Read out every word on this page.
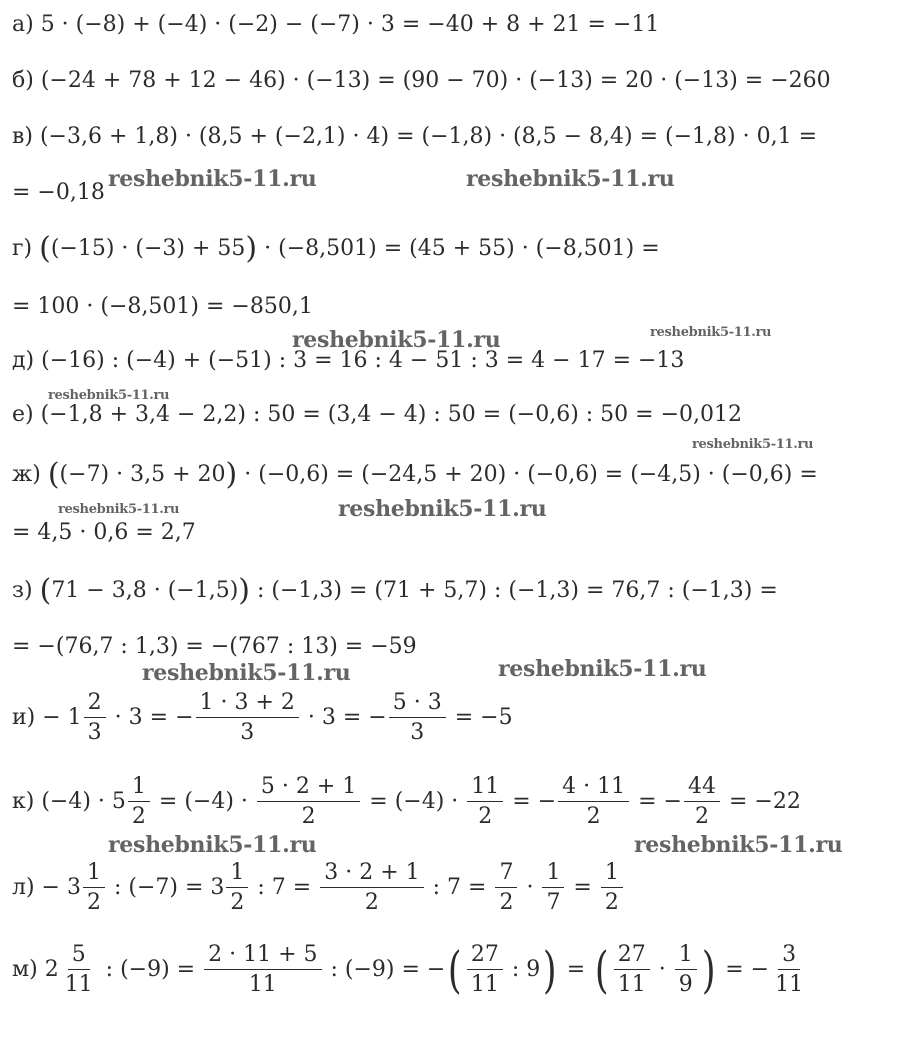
а) 5 · (−8) + (−4) · (−2) − (−7) · 3 = −40 + 8 + 21 = −11
б) (−24 + 78 + 12 − 46) · (−13) = (90 − 70) · (−13) = 20 · (−13) = −260
в) (−3,6 + 1,8) · (8,5 + (−2,1) · 4) = (−1,8) · (8,5 − 8,4) = (−1,8) · 0,1 =
= −0,18
г)
( (−15) · (−3) + 55 ) · (−8,501) = (45 + 55) · (−8,501) =
= 100 · (−8,501) = −850,1
д) (−16) : (−4) + (−51) : 3 = 16 : 4 − 51 : 3 = 4 − 17 = −13
е) (−1,8 + 3,4 − 2,2) : 50 = (3,4 − 4) : 50 = (−0,6) : 50 = −0,012
ж)
( (−7) · 3,5 + 20 ) · (−0,6) = (−24,5 + 20) · (−0,6) = (−4,5) · (−0,6) =
= 4,5 · 0,6 = 2,7
з)
( 71 − 3,8 · (−1,5) ) : (−1,3) = (71 + 5,7) : (−1,3) = 76,7 : (−1,3) =
= −(76,7 : 1,3) = −(767 : 13) = −59
$и) - 1 \frac{2}{3} \cdot 3$ = − $\frac{1 \cdot 3 + 2}{3} \cdot 3$ = − $\frac{5 \cdot 3}{3} = -5$
к) $(-4) \cdot 5 \frac{1}{2} = (-4) \cdot \frac{5 \cdot 2 + 1}{2} = (-4) \cdot \frac{11}{2}$ = − $\frac{4 \cdot 11}{2}$ = − $\frac{44}{2} = -22$
$л) - 3 \frac{1}{2}$ : $(-7) = 3 \frac{1}{2}$ : $7 = \frac{3 \cdot 2 + 1}{2}$ : $7 = \frac{7}{2} \cdot \frac{1}{7} = \frac{1}{2}$
м) $2 \frac{5}{11}$ : $(-9) = \frac{2 \cdot 11 + 5}{11}$ : (−9) = − ( $\frac{27}{11}$ : 9 ) = ( $\frac{27}{11} \cdot \frac{1}{9}$ ) = − $\frac{3}{11}$
reshebnik5-11.ru	reshebnik5-11.ru
reshebnik5-11.ru	reshebnik5-11.ru
reshebnik5-11.ru
reshebnik5-11.ru
reshebnik5-11.ru	reshebnik5-11.ru
reshebnik5-11.ru	reshebnik5-11.ru
reshebnik5-11.ru	reshebnik5-11.ru
